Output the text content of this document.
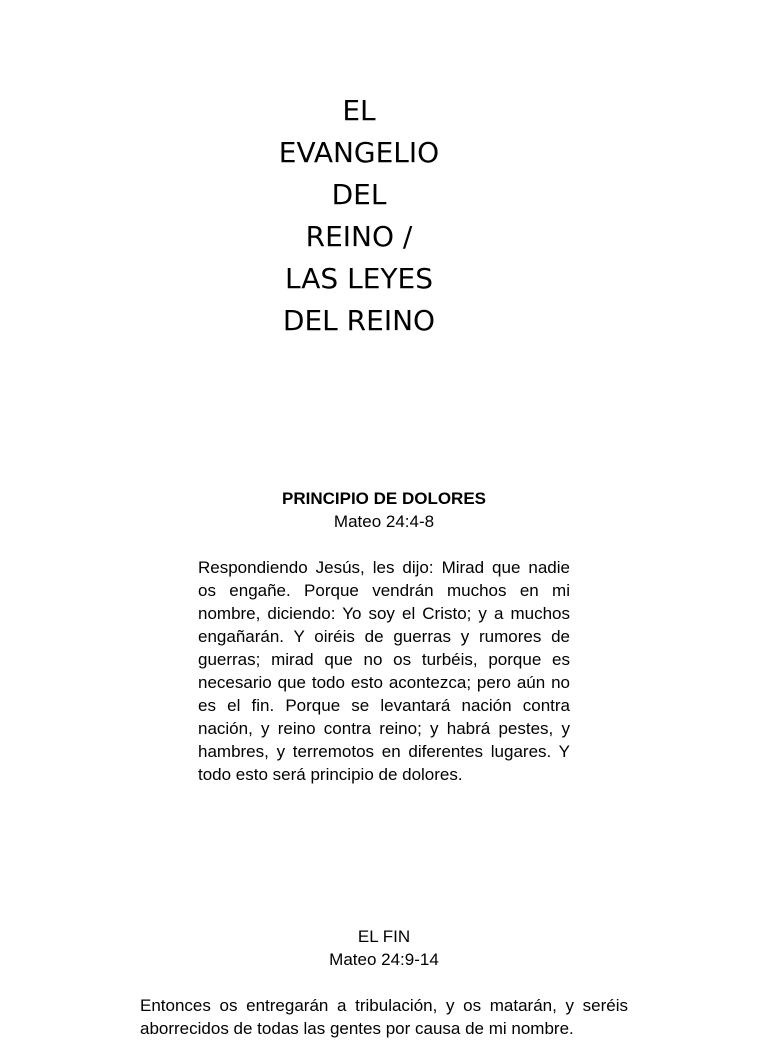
EL
EVANGELIO
DEL
REINO /
LAS LEYES
DEL REINO
PRINCIPIO DE DOLORES
Mateo 24:4-8

Respondiendo Jesús, les dijo: Mirad que nadie os engañe. Porque vendrán muchos en mi nombre, diciendo: Yo soy el Cristo; y a muchos engañarán. Y oiréis de guerras y rumores de guerras; mirad que no os turbéis, porque es necesario que todo esto acontezca; pero aún no es el fin. Porque se levantará nación contra nación, y reino contra reino; y habrá pestes, y hambres, y terremotos en diferentes lugares. Y todo esto será principio de dolores.

EL FIN
Mateo 24:9-14

Entonces os entregarán a tribulación, y os matarán, y seréis aborrecidos de todas las gentes por causa de mi nombre.
